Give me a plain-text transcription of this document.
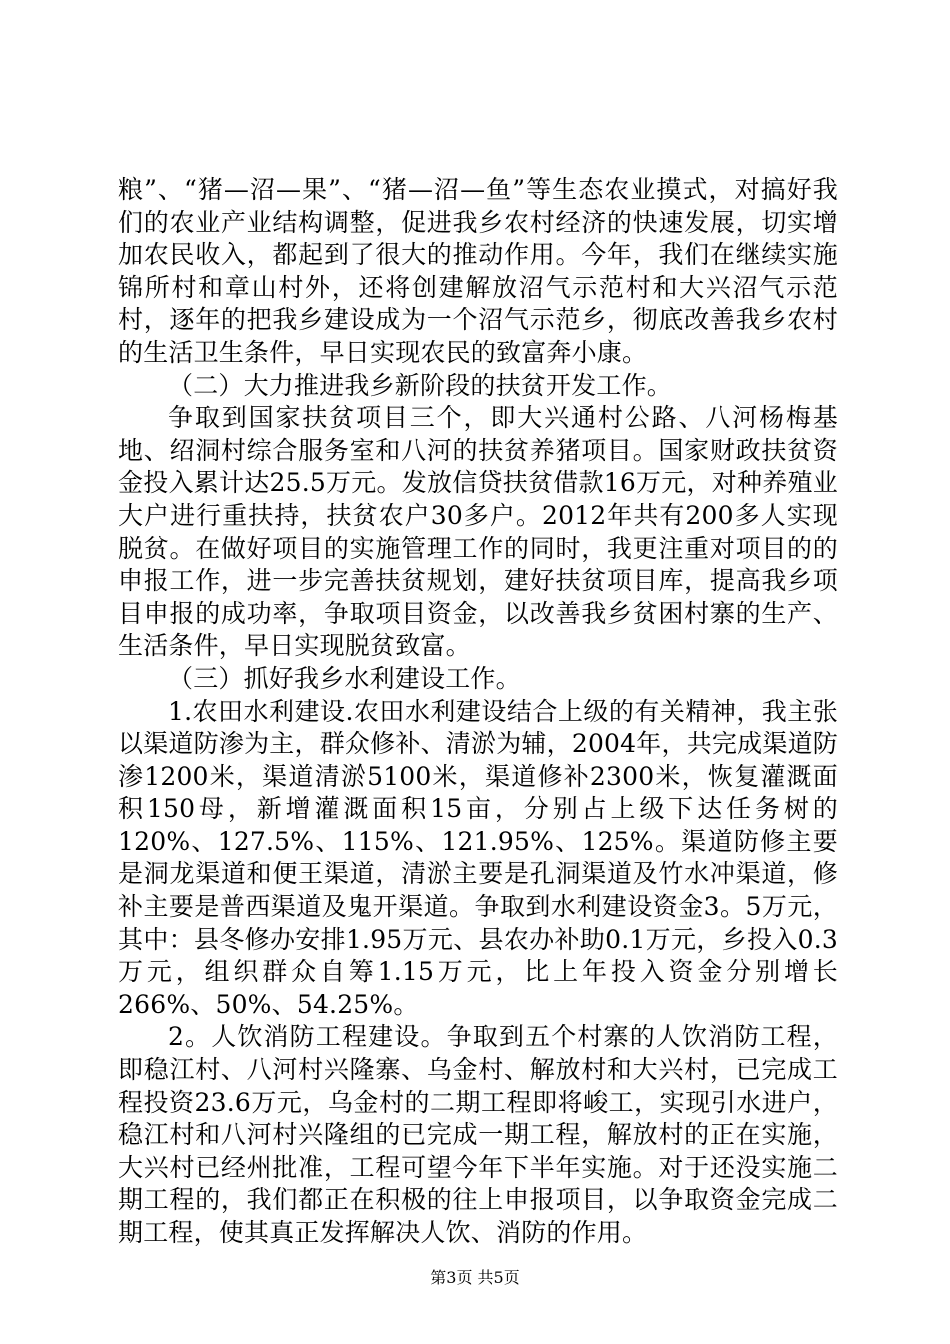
粮”、“猪—沼—果”、“猪—沼—鱼”等生态农业摸式，对搞好我们的农业产业结构调整，促进我乡农村经济的快速发展，切实增加农民收入，都起到了很大的推动作用。今年，我们在继续实施锦所村和章山村外，还将创建解放沼气示范村和大兴沼气示范村，逐年的把我乡建设成为一个沼气示范乡，彻底改善我乡农村的生活卫生条件，早日实现农民的致富奔小康。

（二）大力推进我乡新阶段的扶贫开发工作。

争取到国家扶贫项目三个，即大兴通村公路、八河杨梅基地、绍洞村综合服务室和八河的扶贫养猪项目。国家财政扶贫资金投入累计达25.5万元。发放信贷扶贫借款16万元，对种养殖业大户进行重扶持，扶贫农户30多户。2012年共有200多人实现脱贫。在做好项目的实施管理工作的同时，我更注重对项目的的申报工作，进一步完善扶贫规划，建好扶贫项目库，提高我乡项目申报的成功率，争取项目资金，以改善我乡贫困村寨的生产、生活条件，早日实现脱贫致富。

（三）抓好我乡水利建设工作。

1.农田水利建设.农田水利建设结合上级的有关精神，我主张以渠道防渗为主，群众修补、清淤为辅，2004年，共完成渠道防渗1200米，渠道清淤5100米，渠道修补2300米，恢复灌溉面积150母，新增灌溉面积15亩，分别占上级下达任务树的120%、127.5%、115%、121.95%、125%。渠道防修主要是洞龙渠道和便王渠道，清淤主要是孔洞渠道及竹水冲渠道，修补主要是普西渠道及鬼开渠道。争取到水利建设资金3。5万元，其中：县冬修办安排1.95万元、县农办补助0.1万元，乡投入0.3万元，组织群众自筹1.15万元，比上年投入资金分别增长266%、50%、54.25%。

2。人饮消防工程建设。争取到五个村寨的人饮消防工程，即稳江村、八河村兴隆寨、乌金村、解放村和大兴村，已完成工程投资23.6万元，乌金村的二期工程即将峻工，实现引水进户，稳江村和八河村兴隆组的已完成一期工程，解放村的正在实施，大兴村已经州批准，工程可望今年下半年实施。对于还没实施二期工程的，我们都正在积极的往上申报项目，以争取资金完成二期工程，使其真正发挥解决人饮、消防的作用。

第3页 共5页
